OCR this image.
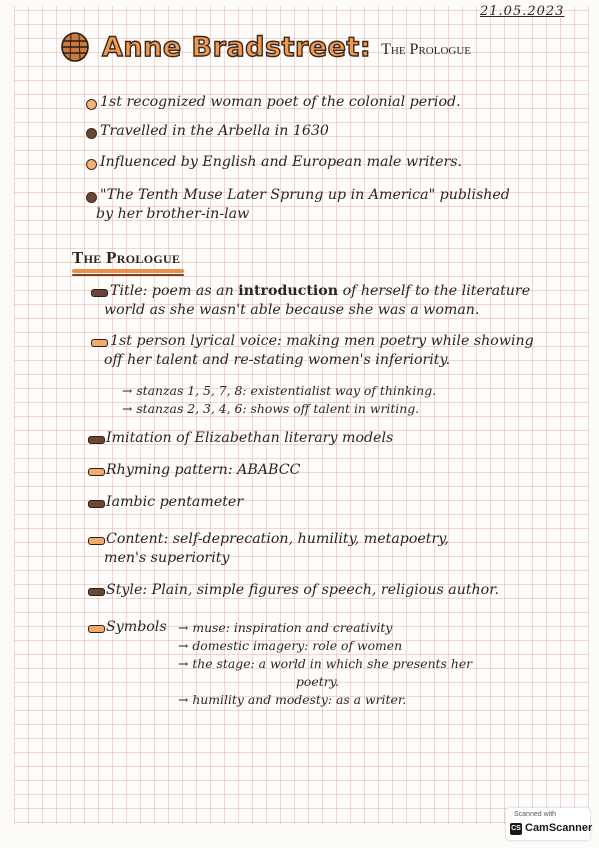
21.05.2023
Anne Bradstreet: The Prologue
1st recognized woman poet of the colonial period.
Travelled in the Arbella in 1630
Influenced by English and European male writers.
"The Tenth Muse Later Sprung up in America" published
by her brother-in-law
The Prologue
Title: poem as an introduction of herself to the literature
world as she wasn't able because she was a woman.
1st person lyrical voice: making men poetry while showing
off her talent and re-stating women's inferiority.
→ stanzas 1, 5, 7, 8: existentialist way of thinking.
→ stanzas 2, 3, 4, 6: shows off talent in writing.
Imitation of Elizabethan literary models
Rhyming pattern: ABABCC
Iambic pentameter
Content: self-deprecation, humility, metapoetry,
men's superiority
Style: Plain, simple figures of speech, religious author.
Symbols → muse: inspiration and creativity
→ domestic imagery: role of women
→ the stage: a world in which she presents her
poetry.
→ humility and modesty: as a writer.
Scanned with
CS CamScanner
